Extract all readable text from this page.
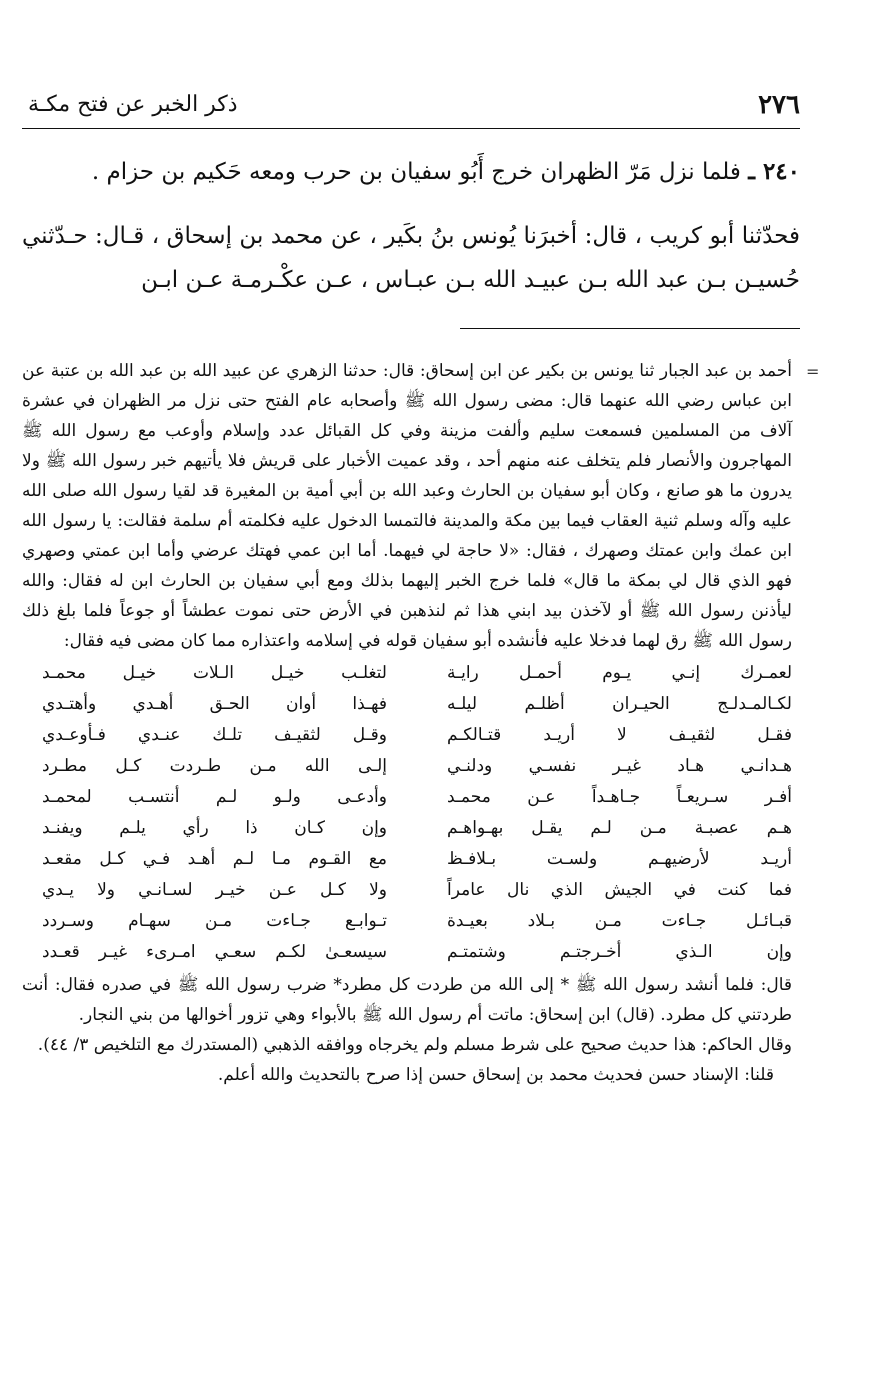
٢٧٦
ذكر الخبر عن فتح مكـة

٢٤٠ ـ فلما نزل مَرّ الظهران خرج أَبُو سفيان بن حرب ومعه حَكيم بن حزام .

فحدّثنا أبو كريب ، قال: أخبرَنا يُونس بنُ بكَير ، عن محمد بن إسحاق ، قـال: حـدّثني حُسيـن بـن عبد الله بـن عبيـد الله بـن عبـاس ، عـن عكْـرمـة عـن ابـن

=

أحمد بن عبد الجبار ثنا يونس بن بكير عن ابن إسحاق: قال: حدثنا الزهري عن عبيد الله بن عبد الله بن عتبة عن ابن عباس رضي الله عنهما قال: مضى رسول الله ﷺ وأصحابه عام الفتح حتى نزل مر الظهران في عشرة آلاف من المسلمين فسمعت سليم وألفت مزينة وفي كل القبائل عدد وإسلام وأوعب مع رسول الله ﷺ المهاجرون والأنصار فلم يتخلف عنه منهم أحد ، وقد عميت الأخبار على قريش فلا يأتيهم خبر رسول الله ﷺ ولا يدرون ما هو صانع ، وكان أبو سفيان بن الحارث وعبد الله بن أبي أمية بن المغيرة قد لقيا رسول الله صلى الله عليه وآله وسلم ثنية العقاب فيما بين مكة والمدينة فالتمسا الدخول عليه فكلمته أم سلمة فقالت: يا رسول الله ابن عمك وابن عمتك وصهرك ، فقال: «لا حاجة لي فيهما. أما ابن عمي فهتك عرضي وأما ابن عمتي وصهري فهو الذي قال لي بمكة ما قال» فلما خرج الخبر إليهما بذلك ومع أبي سفيان بن الحارث ابن له فقال: والله ليأذنن رسول الله ﷺ أو لآخذن بيد ابني هذا ثم لنذهبن في الأرض حتى نموت عطشاً أو جوعاً فلما بلغ ذلك رسول الله ﷺ رق لهما فدخلا عليه فأنشده أبو سفيان قوله في إسلامه واعتذاره مما كان مضى فيه فقال:

لعمـرك إنـي يـوم أحمـل رايـة
لتغلـب خيـل الـلات خيـل محمـد
لكـالمـدلـج الحيـران أظلـم ليلـه
فهـذا أوان الحـق أهـدي وأهتـدي
فقـل لثقيـف لا أريـد قتـالكـم
وقـل لثقيـف تلـك عنـدي فـأوعـدي
هـدانـي هـاد غيـر نفسـي ودلنـي
إلـى الله مـن طـردت كـل مطـرد
أفـر سـريعـاً جـاهـداً عـن محمـد
وأدعـى ولـو لـم أنتسـب لمحمـد
هـم عصبـة مـن لـم يقـل بهـواهـم
وإن كـان ذا رأي يلـم ويفنـد
أريـد لأرضيهـم ولسـت بـلافـظ
مع القـوم مـا لـم أهـد فـي كـل مقعـد
فما كنت في الجيش الذي نال عامراً
ولا كـل عـن خيـر لسـانـي ولا يـدي
قبـائـل جـاءت مـن بـلاد بعيـدة
تـوابـع جـاءت مـن سهـام وسـردد
وإن الـذي أخـرجتـم وشتمتـم
سيسعـىٰ لكـم سعـي امـرىء غيـر قعـدد

قال: فلما أنشد رسول الله ﷺ * إلى الله من طردت كل مطرد* ضرب رسول الله ﷺ في صدره فقال: أنت طردتني كل مطرد. (قال) ابن إسحاق: ماتت أم رسول الله ﷺ بالأبواء وهي تزور أخوالها من بني النجار.

وقال الحاكم: هذا حديث صحيح على شرط مسلم ولم يخرجاه ووافقه الذهبي (المستدرك مع التلخيص ٣/ ٤٤).

قلنا: الإسناد حسن فحديث محمد بن إسحاق حسن إذا صرح بالتحديث والله أعلم.
